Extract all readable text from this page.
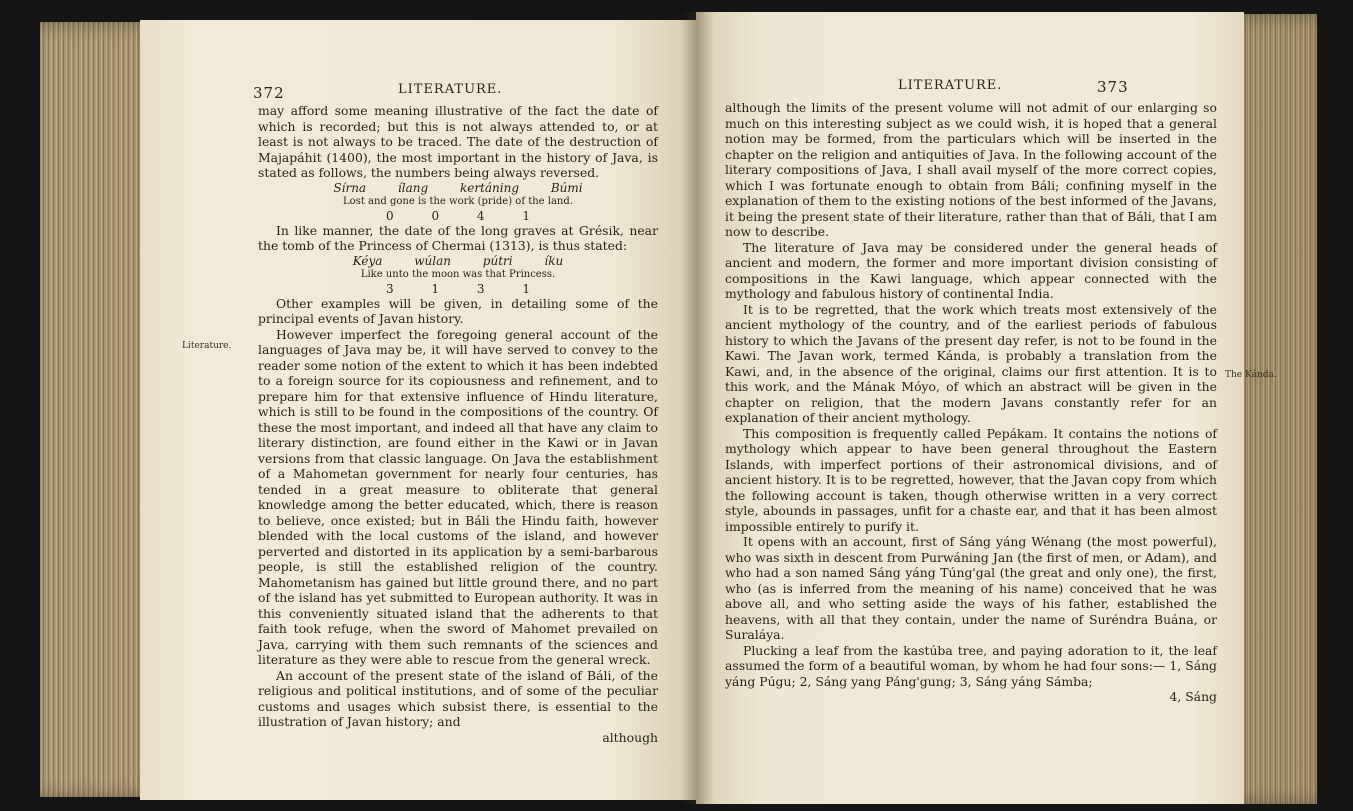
372	LITERATURE.
Literature.

may afford some meaning illustrative of the fact the date of which is recorded; but this is not always attended to, or at least is not always to be traced. The date of the destruction of Majapáhit (1400), the most important in the history of Java, is stated as follows, the numbers being always reversed.

Sírna ílang kertáning Búmi
Lost and gone is the work (pride) of the land.
0 0 4 1

In like manner, the date of the long graves at Grésik, near the tomb of the Princess of Chermai (1313), is thus stated:

Kéya wúlan pútri íku
Like unto the moon was that Princess.
3 1 3 1

Other examples will be given, in detailing some of the principal events of Javan history.

However imperfect the foregoing general account of the languages of Java may be, it will have served to convey to the reader some notion of the extent to which it has been indebted to a foreign source for its copiousness and refinement, and to prepare him for that extensive influence of Hindu literature, which is still to be found in the compositions of the country. Of these the most important, and indeed all that have any claim to literary distinction, are found either in the Kawi or in Javan versions from that classic language. On Java the establishment of a Mahometan government for nearly four centuries, has tended in a great measure to obliterate that general knowledge among the better educated, which, there is reason to believe, once existed; but in Báli the Hindu faith, however blended with the local customs of the island, and however perverted and distorted in its application by a semi-barbarous people, is still the established religion of the country. Mahometanism has gained but little ground there, and no part of the island has yet submitted to European authority. It was in this conveniently situated island that the adherents to that faith took refuge, when the sword of Mahomet prevailed on Java, carrying with them such remnants of the sciences and literature as they were able to rescue from the general wreck.

An account of the present state of the island of Báli, of the religious and political institutions, and of some of the peculiar customs and usages which subsist there, is essential to the illustration of Javan history; and

although
LITERATURE.	373
The Kánda.

although the limits of the present volume will not admit of our enlarging so much on this interesting subject as we could wish, it is hoped that a general notion may be formed, from the particulars which will be inserted in the chapter on the religion and antiquities of Java. In the following account of the literary compositions of Java, I shall avail myself of the more correct copies, which I was fortunate enough to obtain from Báli; confining myself in the explanation of them to the existing notions of the best informed of the Javans, it being the present state of their literature, rather than that of Báli, that I am now to describe.

The literature of Java may be considered under the general heads of ancient and modern, the former and more important division consisting of compositions in the Kawi language, which appear connected with the mythology and fabulous history of continental India.

It is to be regretted, that the work which treats most extensively of the ancient mythology of the country, and of the earliest periods of fabulous history to which the Javans of the present day refer, is not to be found in the Kawi. The Javan work, termed Kánda, is probably a translation from the Kawi, and, in the absence of the original, claims our first attention. It is to this work, and the Mának Móyo, of which an abstract will be given in the chapter on religion, that the modern Javans constantly refer for an explanation of their ancient mythology.

This composition is frequently called Pepákam. It contains the notions of mythology which appear to have been general throughout the Eastern Islands, with imperfect portions of their astronomical divisions, and of ancient history. It is to be regretted, however, that the Javan copy from which the following account is taken, though otherwise written in a very correct style, abounds in passages, unfit for a chaste ear, and that it has been almost impossible entirely to purify it.

It opens with an account, first of Sáng yáng Wénang (the most powerful), who was sixth in descent from Purwáning Jan (the first of men, or Adam), and who had a son named Sáng yáng Túng'gal (the great and only one), the first, who (as is inferred from the meaning of his name) conceived that he was above all, and who setting aside the ways of his father, established the heavens, with all that they contain, under the name of Suréndra Buána, or Suraláya.

Plucking a leaf from the kastúba tree, and paying adoration to it, the leaf assumed the form of a beautiful woman, by whom he had four sons:— 1, Sáng yáng Púgu; 2, Sáng yang Páng'gung; 3, Sáng yáng Sámba;

4, Sáng
